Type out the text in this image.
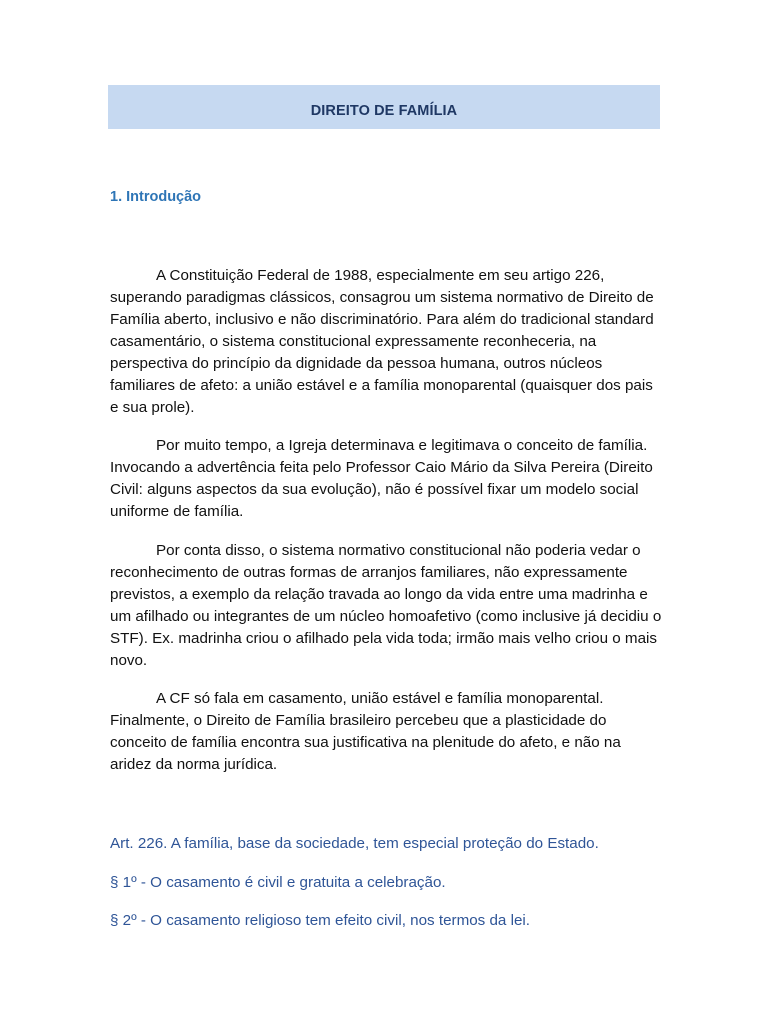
DIREITO DE FAMÍLIA
1. Introdução

A Constituição Federal de 1988, especialmente em seu artigo 226, superando paradigmas clássicos, consagrou um sistema normativo de Direito de Família aberto, inclusivo e não discriminatório. Para além do tradicional standard casamentário, o sistema constitucional expressamente reconheceria, na perspectiva do princípio da dignidade da pessoa humana, outros núcleos familiares de afeto: a união estável e a família monoparental (quaisquer dos pais e sua prole).

Por muito tempo, a Igreja determinava e legitimava o conceito de família. Invocando a advertência feita pelo Professor Caio Mário da Silva Pereira (Direito Civil: alguns aspectos da sua evolução), não é possível fixar um modelo social uniforme de família.

Por conta disso, o sistema normativo constitucional não poderia vedar o reconhecimento de outras formas de arranjos familiares, não expressamente previstos, a exemplo da relação travada ao longo da vida entre uma madrinha e um afilhado ou integrantes de um núcleo homoafetivo (como inclusive já decidiu o STF). Ex. madrinha criou o afilhado pela vida toda; irmão mais velho criou o mais novo.

A CF só fala em casamento, união estável e família monoparental. Finalmente, o Direito de Família brasileiro percebeu que a plasticidade do conceito de família encontra sua justificativa na plenitude do afeto, e não na aridez da norma jurídica.

Art. 226. A família, base da sociedade, tem especial proteção do Estado.

§ 1º - O casamento é civil e gratuita a celebração.

§ 2º - O casamento religioso tem efeito civil, nos termos da lei.
